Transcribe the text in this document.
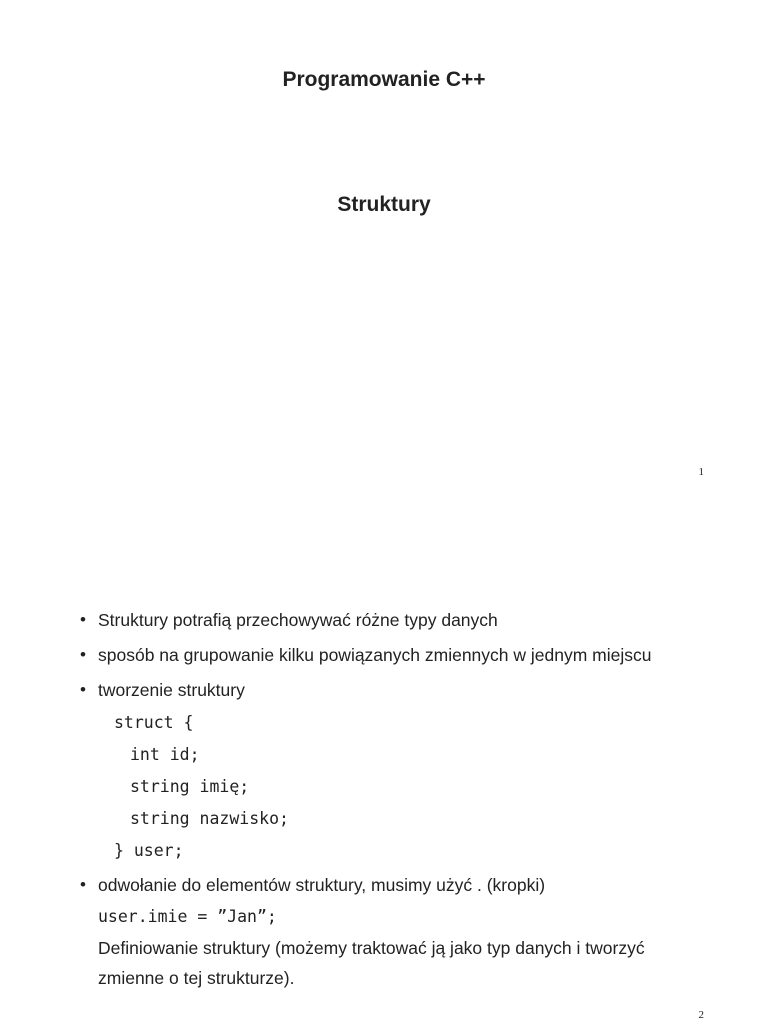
Programowanie C++
Struktury
1
• Struktury potrafią przechowywać różne typy danych
• sposób na grupowanie kilku powiązanych zmiennych w jednym miejscu
• tworzenie struktury
struct {
int id;
string imię;
string nazwisko;
} user;
• odwołanie do elementów struktury, musimy użyć . (kropki)
user.imie = ”Jan”;
Definiowanie struktury (możemy traktować ją jako typ danych i tworzyć zmienne o tej strukturze).
2
